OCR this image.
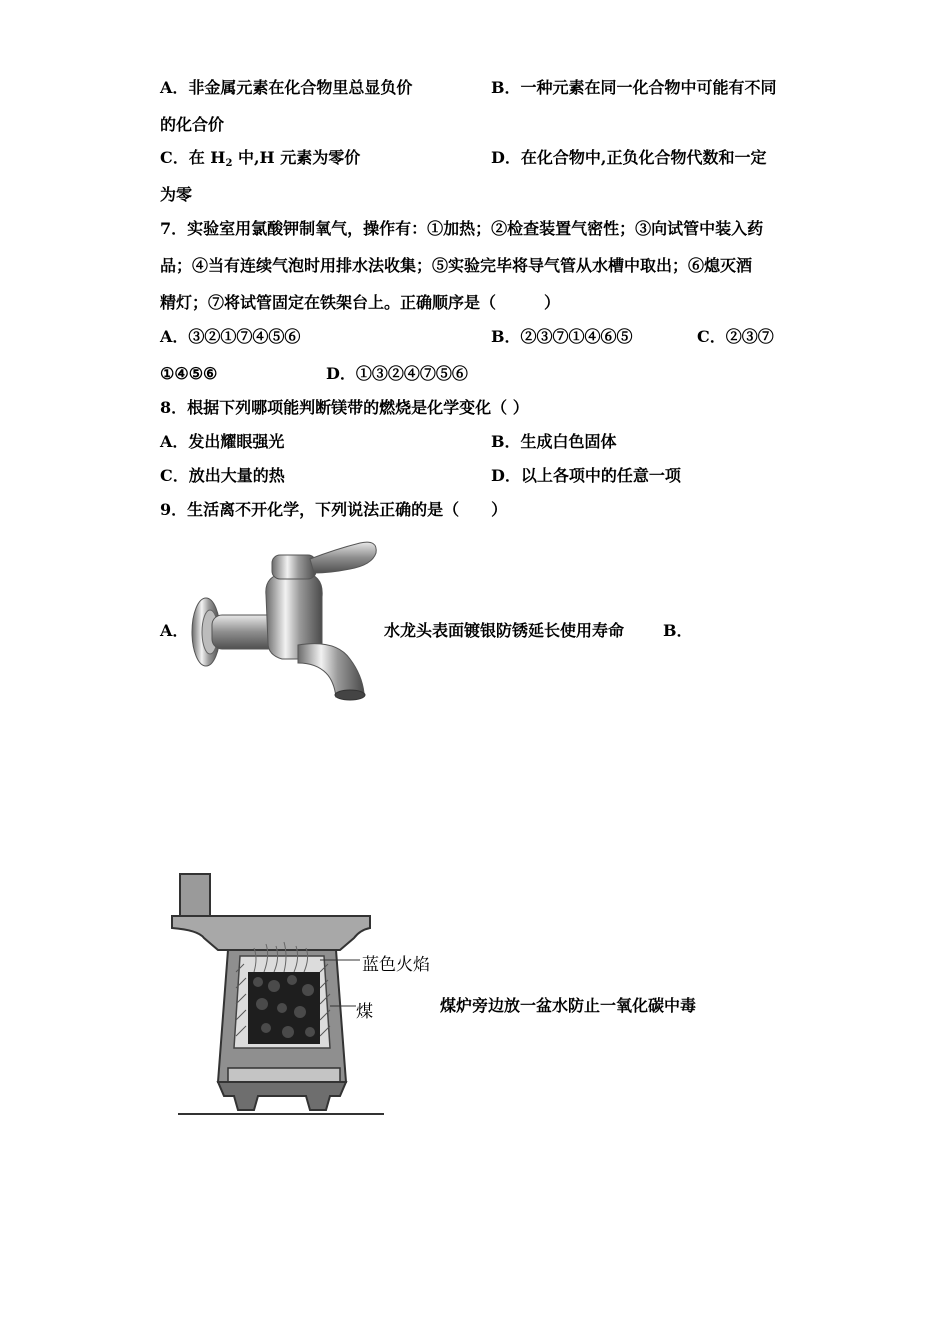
A．非金属元素在化合物里总显负价	B．一种元素在同一化合物中可能有不同
的化合价
C．在 $H_2$ 中,H 元素为零价	D．在化合物中,正负化合物代数和一定
为零
7．实验室用氯酸钾制氧气，操作有：①加热；②检查装置气密性；③向试管中装入药
品；④当有连续气泡时用排水法收集；⑤实验完毕将导气管从水槽中取出；⑥熄灭酒
精灯；⑦将试管固定在铁架台上。正确顺序是（　　　）
A．③②①⑦④⑤⑥	B．②③⑦①④⑥⑤	C．②③⑦
①④⑤⑥	D．①③②④⑦⑤⑥
8．根据下列哪项能判断镁带的燃烧是化学变化（ ）
A．发出耀眼强光	B．生成白色固体
C．放出大量的热	D．以上各项中的任意一项
9．生活离不开化学，下列说法正确的是（　　）
A．	水龙头表面镀银防锈延长使用寿命 B．
蓝色火焰
煤	煤炉旁边放一盆水防止一氧化碳中毒
